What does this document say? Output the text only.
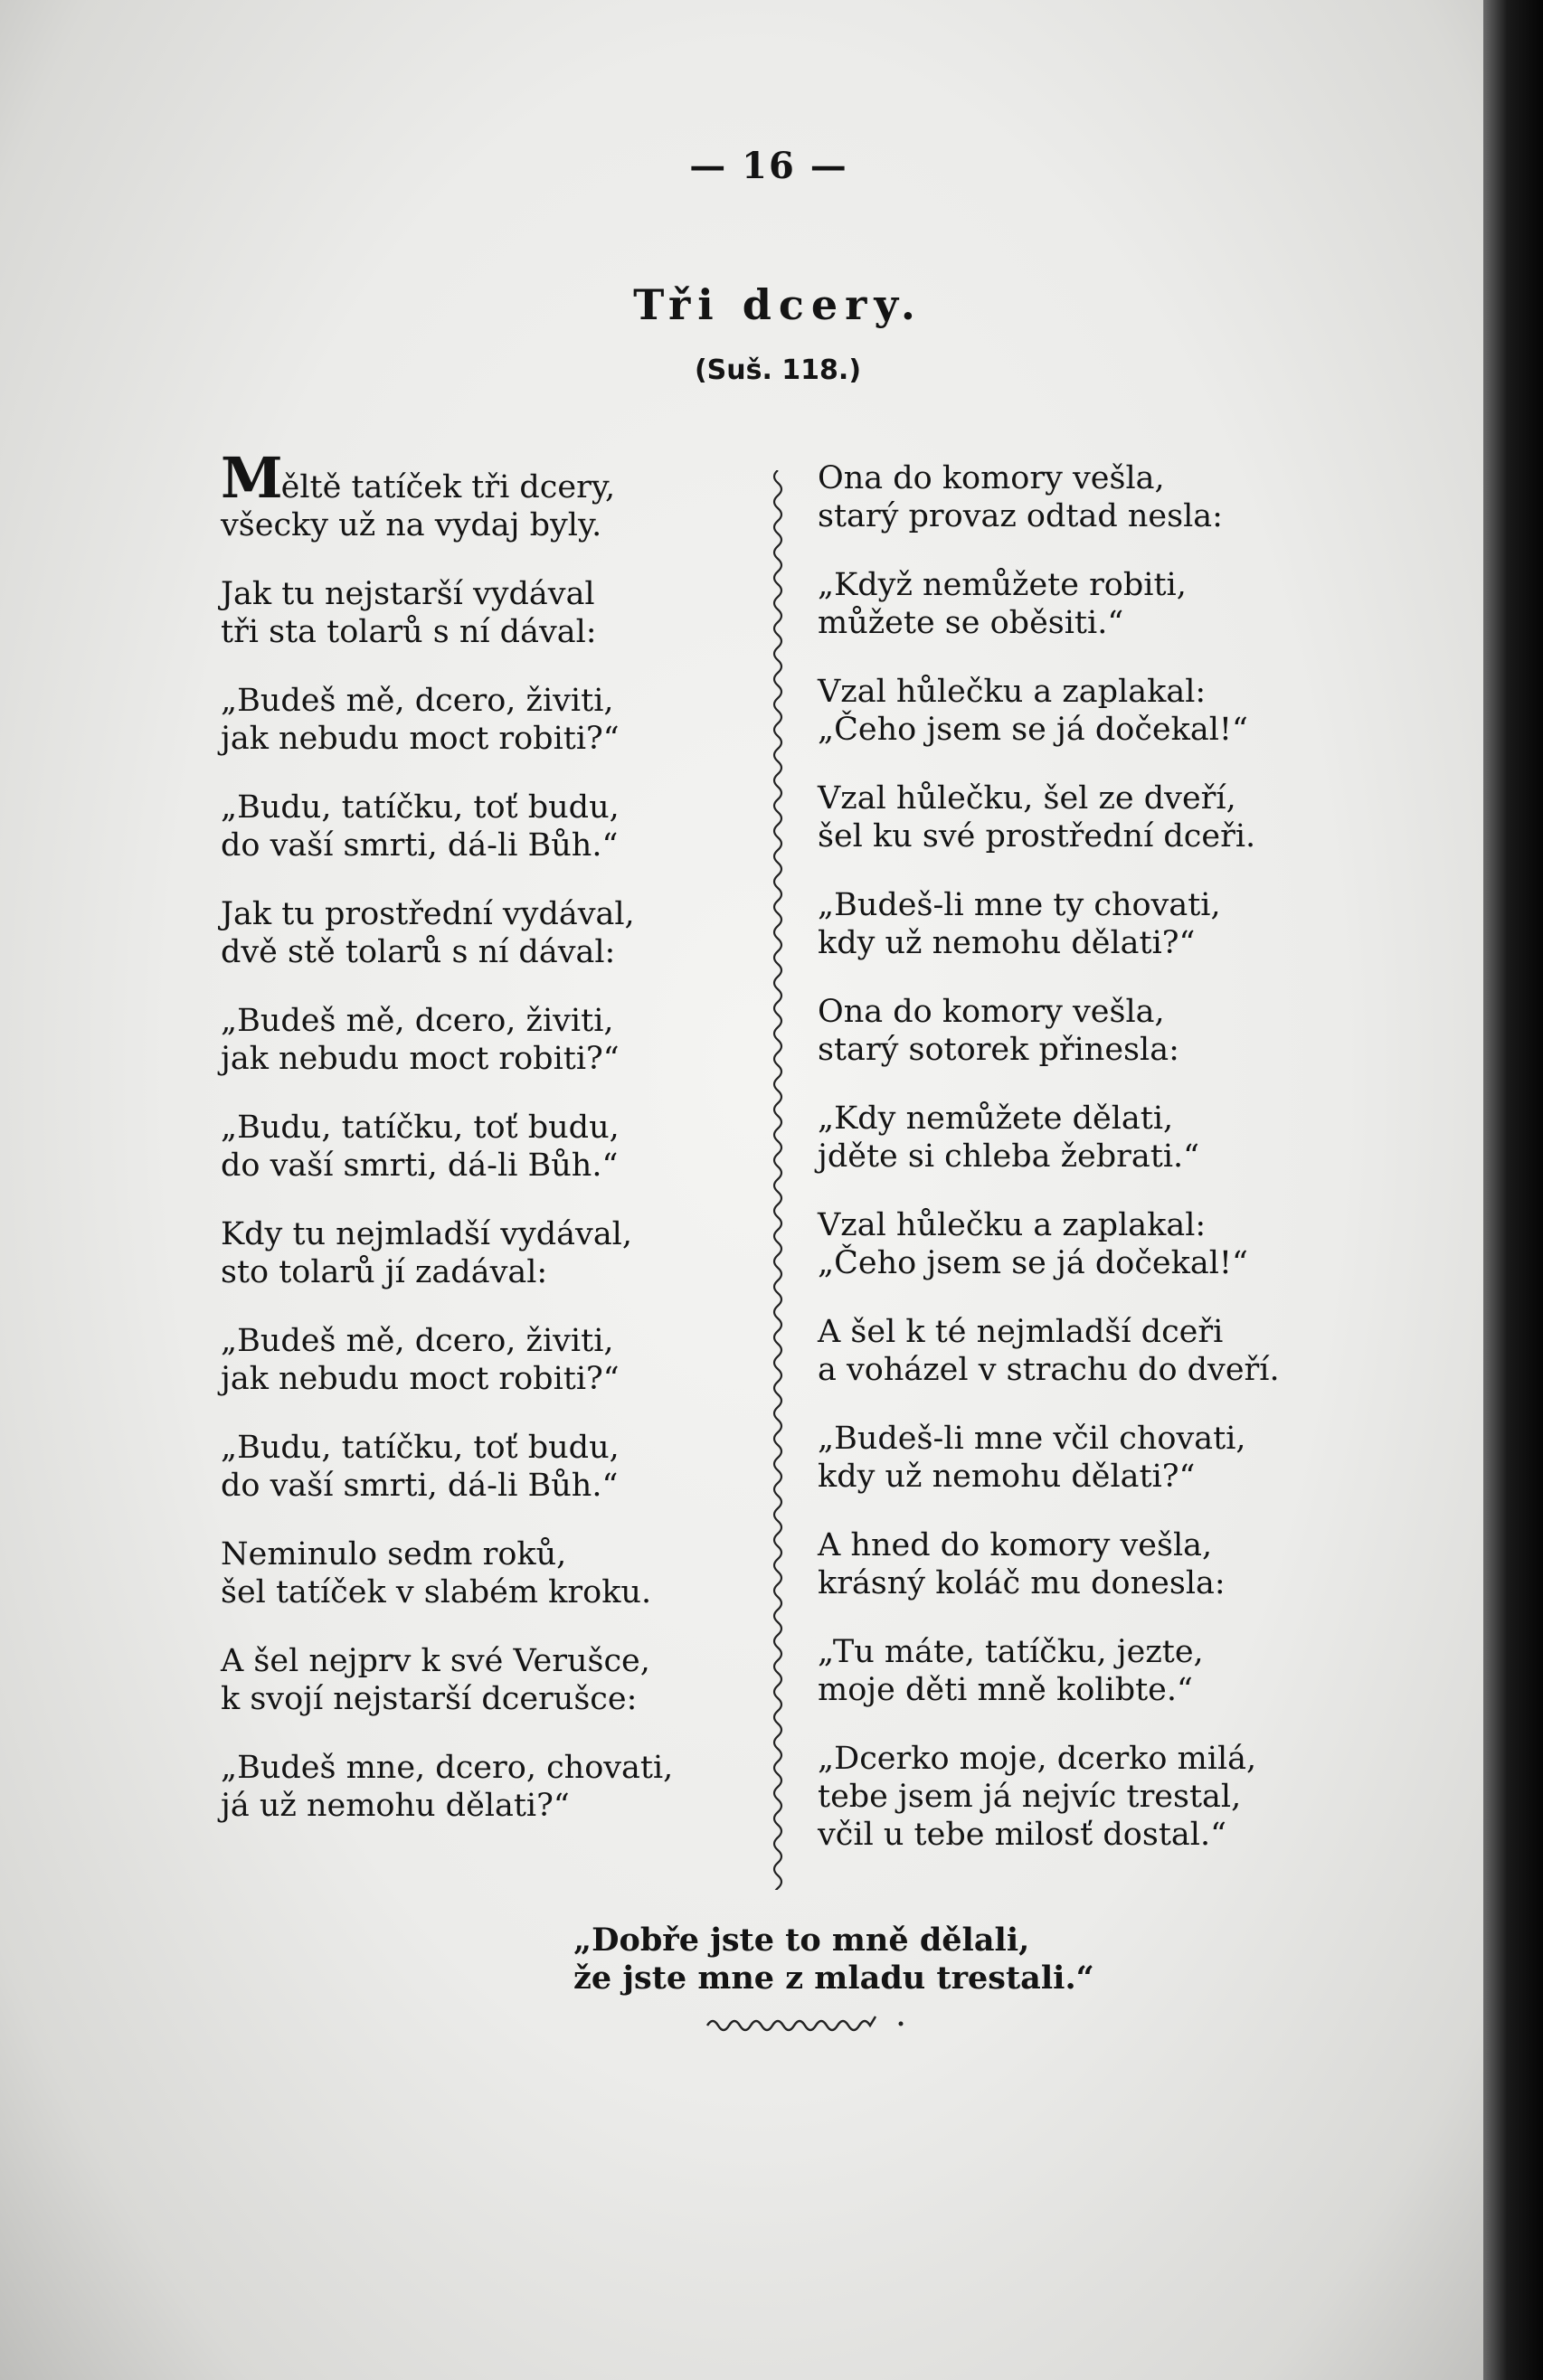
— 16 —
Tři dcery.
(Suš. 118.)
Měltě tatíček tři dcery,
všecky už na vydaj byly.
Jak tu nejstarší vydával
tři sta tolarů s ní dával:
„Budeš mě, dcero, živiti,
jak nebudu moct robiti?“
„Budu, tatíčku, toť budu,
do vaší smrti, dá-li Bůh.“
Jak tu prostřední vydával,
dvě stě tolarů s ní dával:
„Budeš mě, dcero, živiti,
jak nebudu moct robiti?“
„Budu, tatíčku, toť budu,
do vaší smrti, dá-li Bůh.“
Kdy tu nejmladší vydával,
sto tolarů jí zadával:
„Budeš mě, dcero, živiti,
jak nebudu moct robiti?“
„Budu, tatíčku, toť budu,
do vaší smrti, dá-li Bůh.“
Neminulo sedm roků,
šel tatíček v slabém kroku.
A šel nejprv k své Verušce,
k svojí nejstarší dcerušce:
„Budeš mne, dcero, chovati,
já už nemohu dělati?“
Ona do komory vešla,
starý provaz odtad nesla:
„Když nemůžete robiti,
můžete se oběsiti.“
Vzal hůlečku a zaplakal:
„Čeho jsem se já dočekal!“
Vzal hůlečku, šel ze dveří,
šel ku své prostřední dceři.
„Budeš-li mne ty chovati,
kdy už nemohu dělati?“
Ona do komory vešla,
starý sotorek přinesla:
„Kdy nemůžete dělati,
jděte si chleba žebrati.“
Vzal hůlečku a zaplakal:
„Čeho jsem se já dočekal!“
A šel k té nejmladší dceři
a voházel v strachu do dveří.
„Budeš-li mne včil chovati,
kdy už nemohu dělati?“
A hned do komory vešla,
krásný koláč mu donesla:
„Tu máte, tatíčku, jezte,
moje děti mně kolibte.“
„Dcerko moje, dcerko milá,
tebe jsem já nejvíc trestal,
včil u tebe milosť dostal.“
„Dobře jste to mně dělali,
že jste mne z mladu trestali.“
